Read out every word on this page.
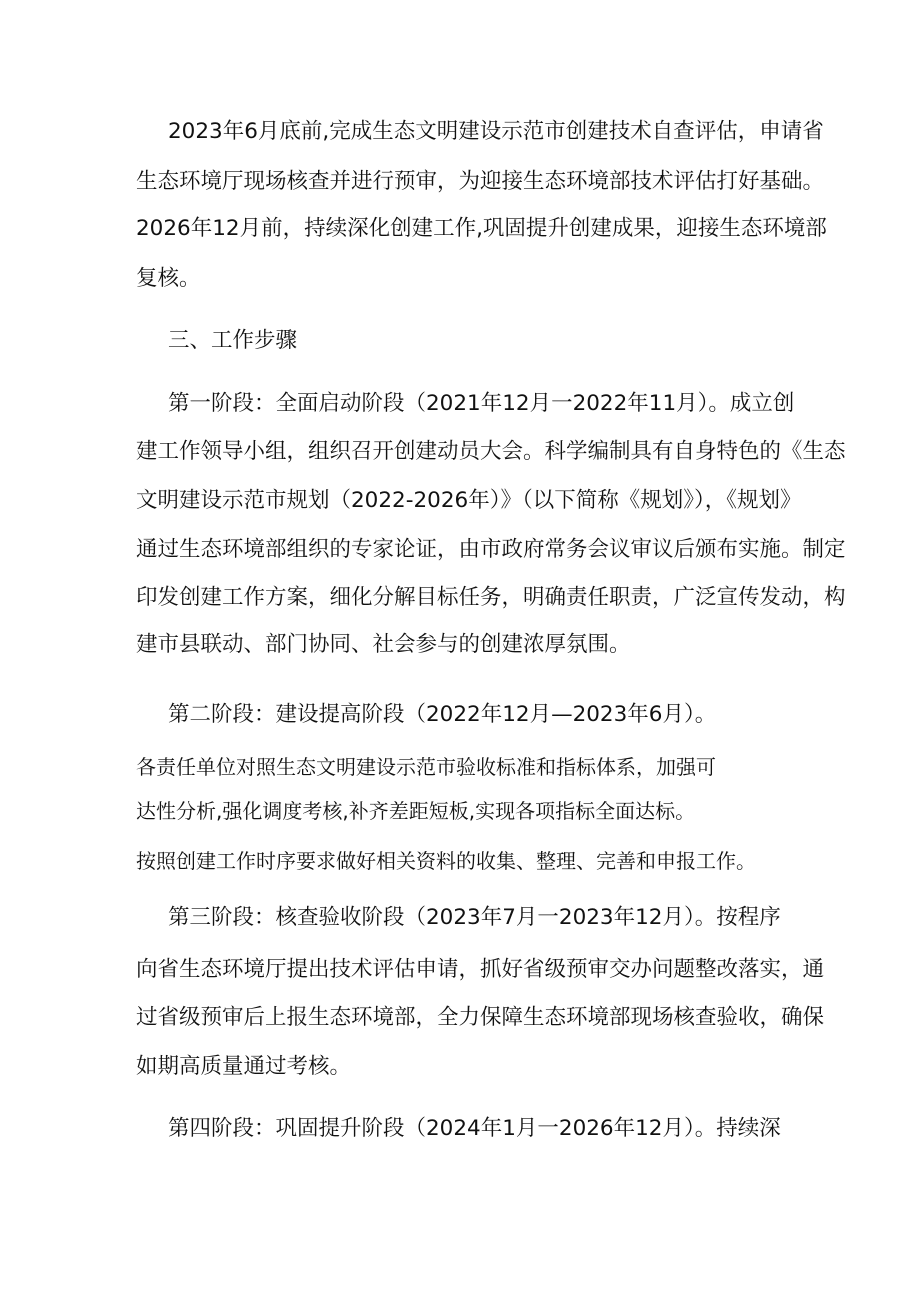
2023年6月底前,完成生态文明建设示范市创建技术自查评估，申请省
生态环境厅现场核查并进行预审，为迎接生态环境部技术评估打好基础。
2026年12月前，持续深化创建工作,巩固提升创建成果，迎接生态环境部
复核。
三、工作步骤
第一阶段：全面启动阶段（2021年12月一2022年11月）。成立创
建工作领导小组，组织召开创建动员大会。科学编制具有自身特色的《生态
文明建设示范市规划（2022-2026年）》（以下简称《规划》），《规划》
通过生态环境部组织的专家论证，由市政府常务会议审议后颁布实施。制定
印发创建工作方案，细化分解目标任务，明确责任职责，广泛宣传发动，构
建市县联动、部门协同、社会参与的创建浓厚氛围。
第二阶段：建设提高阶段（2022年12月—2023年6月）。
各责任单位对照生态文明建设示范市验收标准和指标体系，加强可
达性分析,强化调度考核,补齐差距短板,实现各项指标全面达标。
按照创建工作时序要求做好相关资料的收集、整理、完善和申报工作。
第三阶段：核查验收阶段（2023年7月一2023年12月）。按程序
向省生态环境厅提出技术评估申请，抓好省级预审交办问题整改落实，通
过省级预审后上报生态环境部，全力保障生态环境部现场核查验收，确保
如期高质量通过考核。
第四阶段：巩固提升阶段（2024年1月一2026年12月）。持续深
